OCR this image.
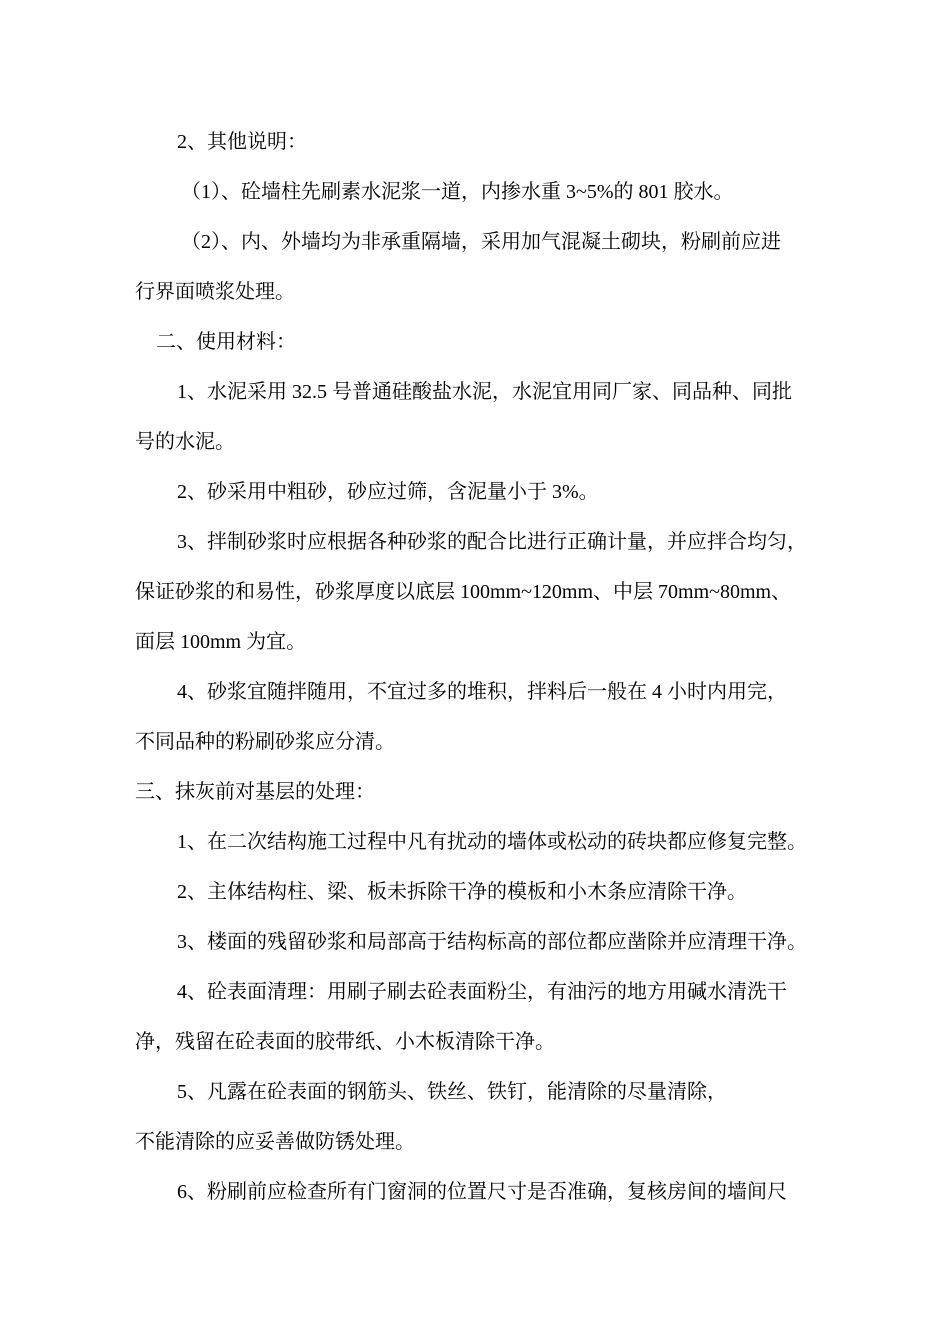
2、其他说明：
（1）、砼墙柱先刷素水泥浆一道，内掺水重 3~5%的 801 胶水。
（2）、内、外墙均为非承重隔墙，采用加气混凝土砌块，粉刷前应进
行界面喷浆处理。
二、使用材料：
1、水泥采用 32.5 号普通硅酸盐水泥，水泥宜用同厂家、同品种、同批
号的水泥。
2、砂采用中粗砂，砂应过筛，含泥量小于 3%。
3、拌制砂浆时应根据各种砂浆的配合比进行正确计量，并应拌合均匀，
保证砂浆的和易性，砂浆厚度以底层 100mm~120mm、中层 70mm~80mm、
面层 100mm 为宜。
4、砂浆宜随拌随用，不宜过多的堆积，拌料后一般在 4 小时内用完，
不同品种的粉刷砂浆应分清。
三、抹灰前对基层的处理：
1、在二次结构施工过程中凡有扰动的墙体或松动的砖块都应修复完整。
2、主体结构柱、梁、板未拆除干净的模板和小木条应清除干净。
3、楼面的残留砂浆和局部高于结构标高的部位都应凿除并应清理干净。
4、砼表面清理：用刷子刷去砼表面粉尘，有油污的地方用碱水清洗干
净，残留在砼表面的胶带纸、小木板清除干净。
5、凡露在砼表面的钢筋头、铁丝、铁钉，能清除的尽量清除，
不能清除的应妥善做防锈处理。
6、粉刷前应检查所有门窗洞的位置尺寸是否准确，复核房间的墙间尺
